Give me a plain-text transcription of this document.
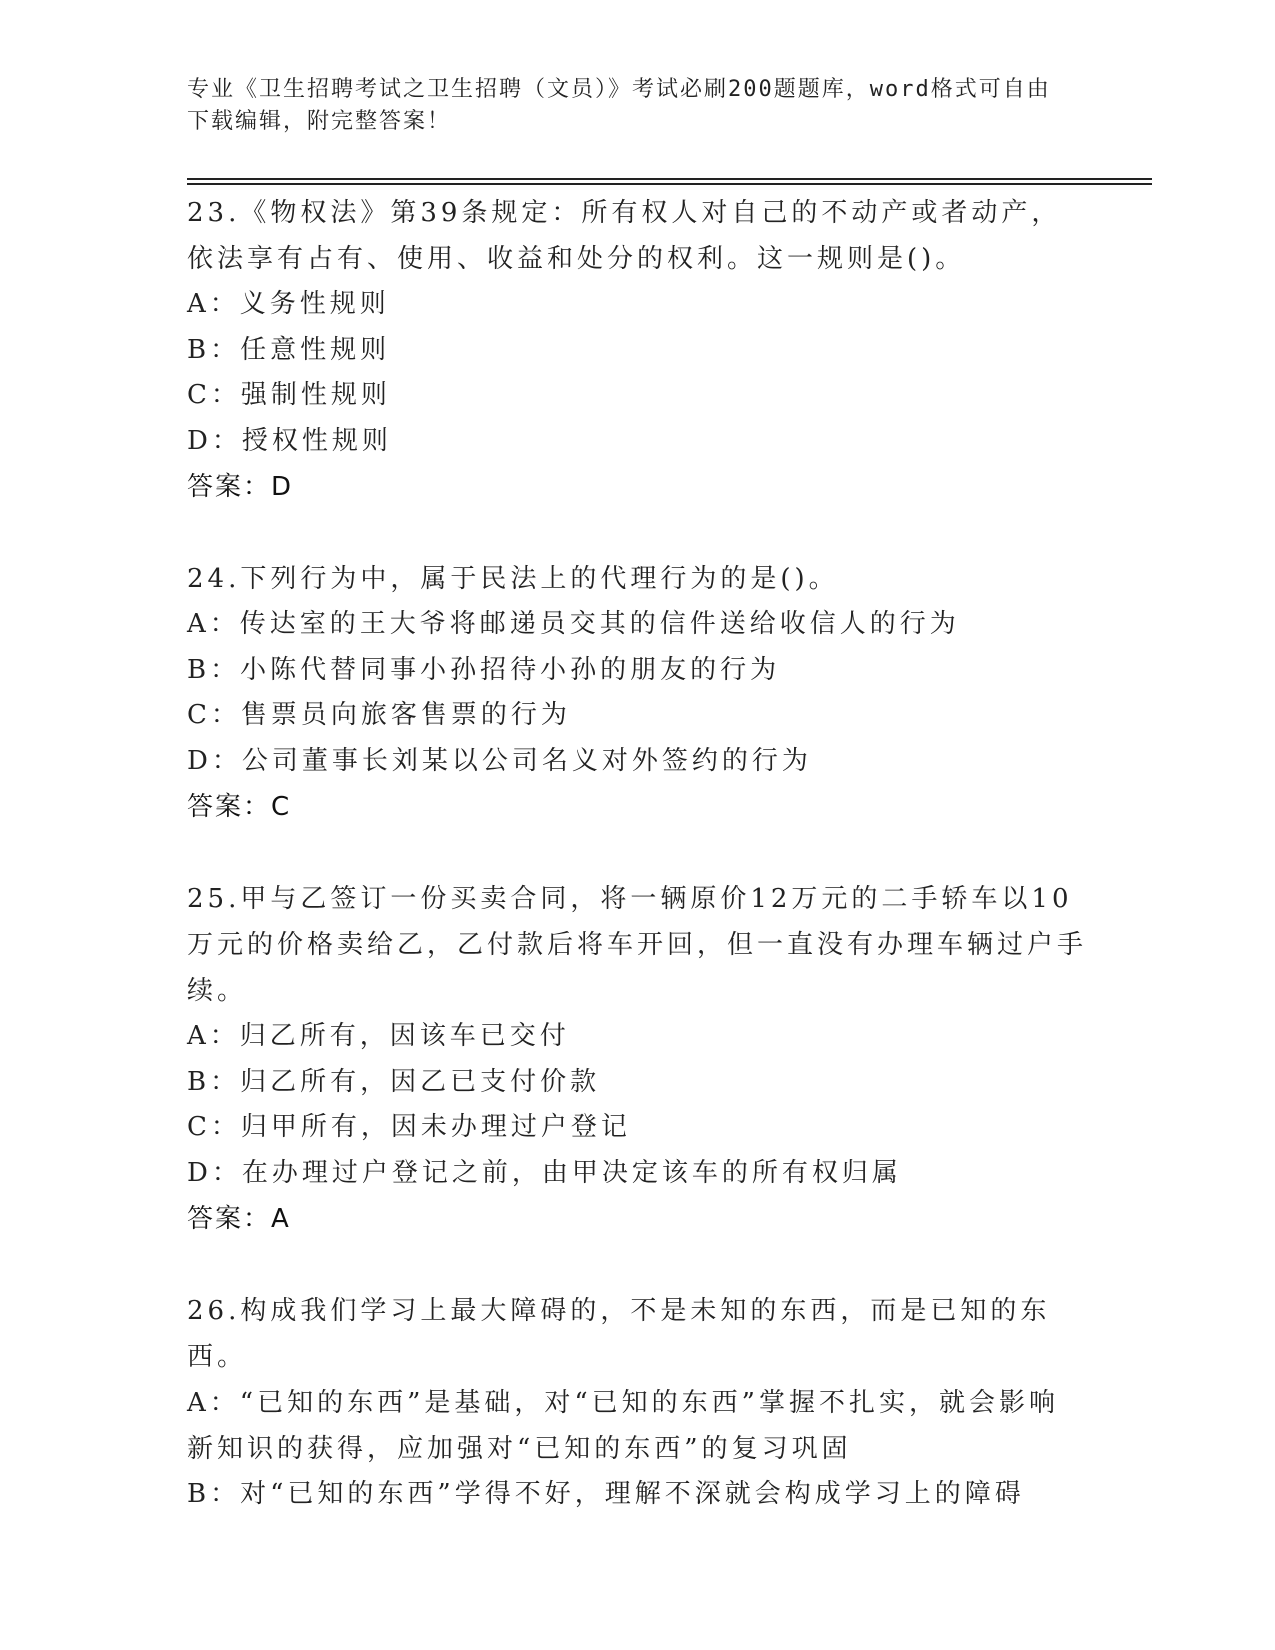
专业《卫生招聘考试之卫生招聘（文员）》考试必刷200题题库，word格式可自由下载编辑，附完整答案！

23.《物权法》第39条规定：所有权人对自己的不动产或者动产，依法享有占有、使用、收益和处分的权利。这一规则是()。

A：义务性规则

B：任意性规则

C：强制性规则

D：授权性规则

答案：D

24.下列行为中，属于民法上的代理行为的是()。

A：传达室的王大爷将邮递员交其的信件送给收信人的行为

B：小陈代替同事小孙招待小孙的朋友的行为

C：售票员向旅客售票的行为

D：公司董事长刘某以公司名义对外签约的行为

答案：C

25.甲与乙签订一份买卖合同，将一辆原价12万元的二手轿车以10万元的价格卖给乙，乙付款后将车开回，但一直没有办理车辆过户手续。

A：归乙所有，因该车已交付

B：归乙所有，因乙已支付价款

C：归甲所有，因未办理过户登记

D：在办理过户登记之前，由甲决定该车的所有权归属

答案：A

26.构成我们学习上最大障碍的，不是未知的东西，而是已知的东西。

A：“已知的东西”是基础，对“已知的东西”掌握不扎实，就会影响新知识的获得，应加强对“已知的东西”的复习巩固

B：对“已知的东西”学得不好，理解不深就会构成学习上的障碍
